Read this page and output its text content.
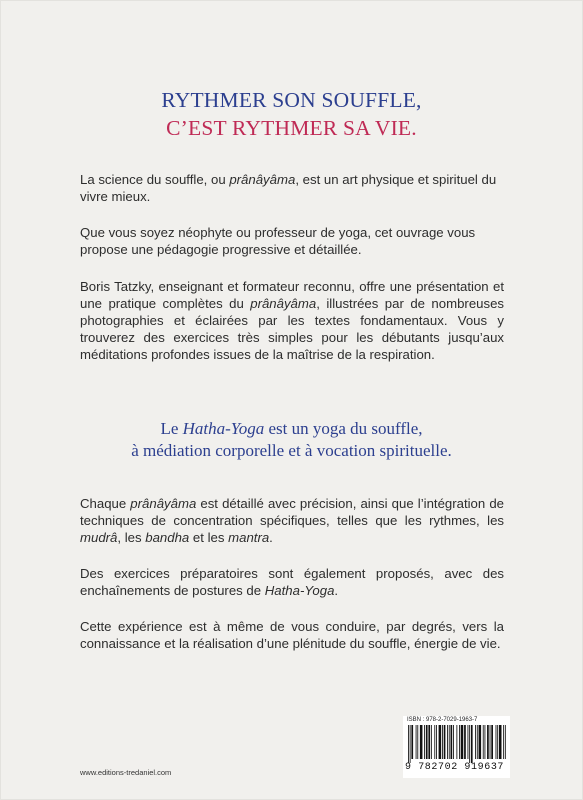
RYTHMER SON SOUFFLE,
C’EST RYTHMER SA VIE.

La science du souffle, ou prânâyâma, est un art physique et spirituel du vivre mieux.

Que vous soyez néophyte ou professeur de yoga, cet ouvrage vous propose une pédagogie progressive et détaillée.

Boris Tatzky, enseignant et formateur reconnu, offre une présentation et une pratique complètes du prânâyâma, illustrées par de nombreuses photographies et éclairées par les textes fondamentaux. Vous y trouverez des exercices très simples pour les débutants jusqu’aux méditations profondes issues de la maîtrise de la respiration.

Le Hatha-Yoga est un yoga du souffle,
à médiation corporelle et à vocation spirituelle.

Chaque prânâyâma est détaillé avec précision, ainsi que l’intégration de techniques de concentration spécifiques, telles que les rythmes, les mudrâ, les bandha et les mantra.

Des exercices préparatoires sont également proposés, avec des enchaînements de postures de Hatha-Yoga.

Cette expérience est à même de vous conduire, par degrés, vers la connaissance et la réalisation d’une plénitude du souffle, énergie de vie.

www.editions-tredaniel.com
ISBN : 978-2-7029-1963-7
9 782702 919637
